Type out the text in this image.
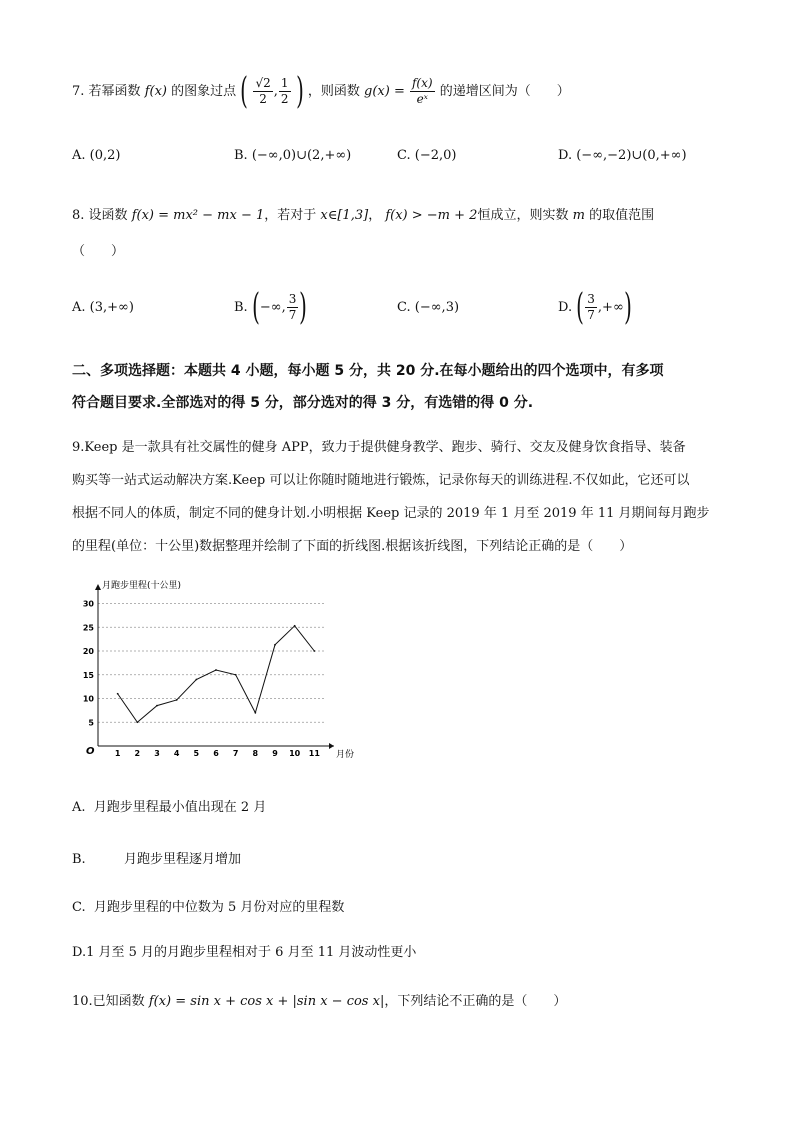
7. 若幂函数 f(x) 的图象过点 ( $\frac{√2}{2}$ , $\frac{1}{2}$ ) ，则函数 $g(x) = \frac{f(x)}{\text{eˣ}}$ 的递增区间为（　　）
A. (0,2)	B. (−∞,0)∪(2,+∞)	C. (−2,0)	D. (−∞,−2)∪(0,+∞)
8. 设函数 f(x) = mx² − mx − 1，若对于 x∈[1,3]， f(x) > −m + 2恒成立，则实数 m 的取值范围
（　　）
A. (3,+∞)	B. (−∞, $\frac{3}{7}$ )	C. (−∞,3)	D. ( $\frac{3}{7}$ ,+∞)
二、多项选择题：本题共 4 小题，每小题 5 分，共 20 分.在每小题给出的四个选项中，有多项
符合题目要求.全部选对的得 5 分，部分选对的得 3 分，有选错的得 0 分.
9.Keep 是一款具有社交属性的健身 APP，致力于提供健身教学、跑步、骑行、交友及健身饮食指导、装备
购买等一站式运动解决方案.Keep 可以让你随时随地进行锻炼，记录你每天的训练进程.不仅如此，它还可以
根据不同人的体质，制定不同的健身计划.小明根据 Keep 记录的 2019 年 1 月至 2019 年 11 月期间每月跑步
的里程(单位：十公里)数据整理并绘制了下面的折线图.根据该折线图，下列结论正确的是（　　）
5
10
15
20
25
30
1 2 3 4 5 6 7 8 9 10 11
月跑步里程(十公里)
月份
O
A. 月跑步里程最小值出现在 2 月
B.	月跑步里程逐月增加
C. 月跑步里程的中位数为 5 月份对应的里程数
D.1 月至 5 月的月跑步里程相对于 6 月至 11 月波动性更小
10.已知函数 f(x) = sin x + cos x + |sin x − cos x|，下列结论不正确的是（　　）
